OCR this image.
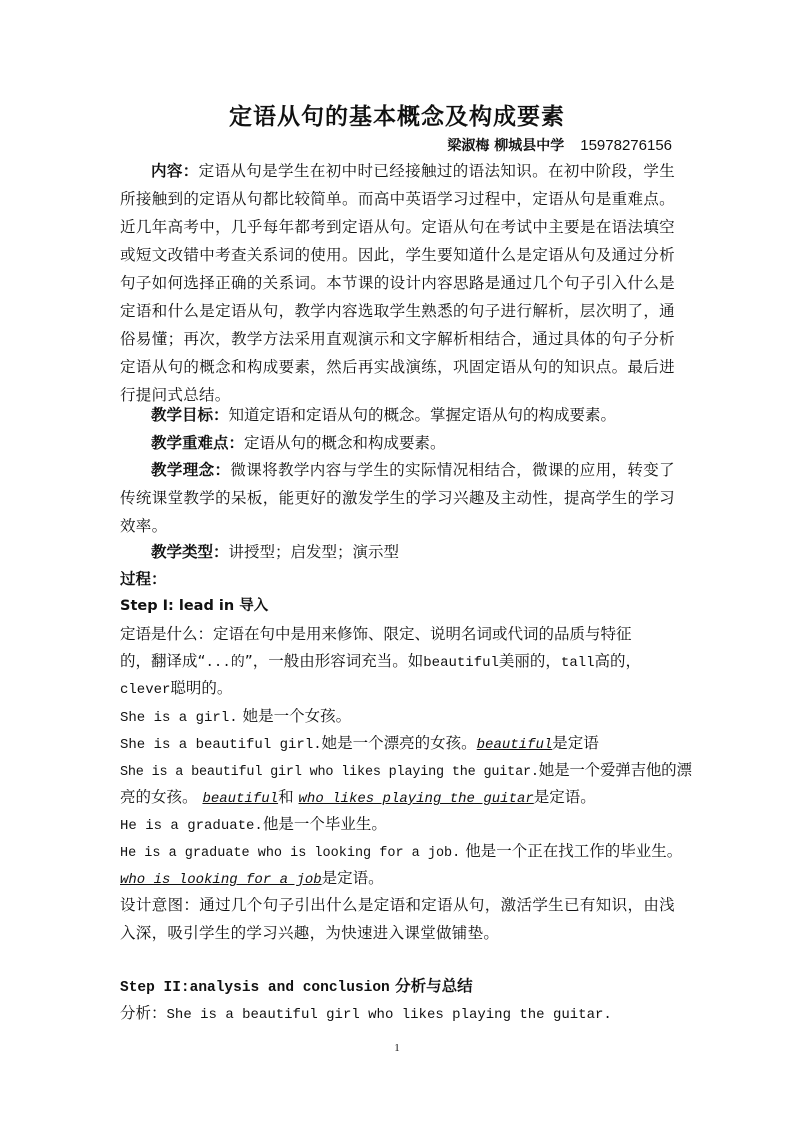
定语从句的基本概念及构成要素
梁淑梅 柳城县中学 15978276156
内容：定语从句是学生在初中时已经接触过的语法知识。在初中阶段，学生所接触到的定语从句都比较简单。而高中英语学习过程中，定语从句是重难点。近几年高考中，几乎每年都考到定语从句。定语从句在考试中主要是在语法填空或短文改错中考查关系词的使用。因此，学生要知道什么是定语从句及通过分析句子如何选择正确的关系词。本节课的设计内容思路是通过几个句子引入什么是定语和什么是定语从句，教学内容选取学生熟悉的句子进行解析，层次明了，通俗易懂；再次，教学方法采用直观演示和文字解析相结合，通过具体的句子分析定语从句的概念和构成要素，然后再实战演练，巩固定语从句的知识点。最后进行提问式总结。
教学目标：知道定语和定语从句的概念。掌握定语从句的构成要素。
教学重难点：定语从句的概念和构成要素。
教学理念：微课将教学内容与学生的实际情况相结合，微课的应用，转变了传统课堂教学的呆板，能更好的激发学生的学习兴趣及主动性，提高学生的学习效率。
教学类型：讲授型；启发型；演示型
过程：
Step I: lead in 导入
定语是什么：定语在句中是用来修饰、限定、说明名词或代词的品质与特征
的，翻译成“...的”，一般由形容词充当。如beautiful美丽的，tall高的，
clever聪明的。
She is a girl. 她是一个女孩。
She is a beautiful girl.她是一个漂亮的女孩。beautiful是定语
She is a beautiful girl who likes playing the guitar.她是一个爱弹吉他的漂
亮的女孩。 beautiful和 who likes playing the guitar是定语。
He is a graduate.他是一个毕业生。
He is a graduate who is looking for a job. 他是一个正在找工作的毕业生。
who is looking for a job是定语。
设计意图：通过几个句子引出什么是定语和定语从句，激活学生已有知识，由浅入深，吸引学生的学习兴趣，为快速进入课堂做铺垫。
Step II:analysis and conclusion 分析与总结
分析：She is a beautiful girl who likes playing the guitar.
1
